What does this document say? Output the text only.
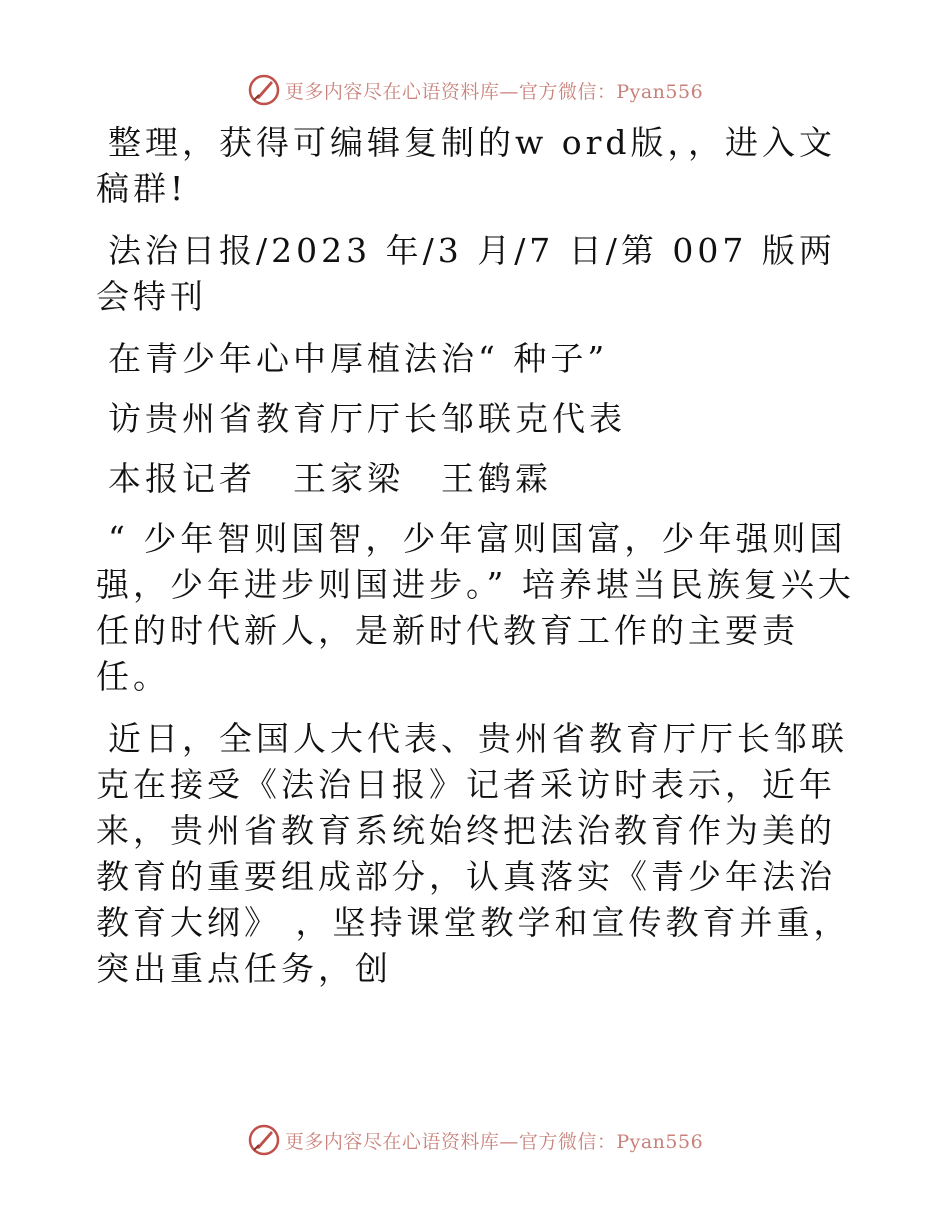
更多内容尽在心语资料库—官方微信：Pyan556

整理，获得可编辑复制的w ord版，，进入文稿群!

法治日报/2023 年/3 月/7 日/第 007 版两会特刊

在青少年心中厚植法治“ 种子”

访贵州省教育厅厅长邹联克代表

本报记者　王家梁　王鹤霖

“ 少年智则国智，少年富则国富，少年强则国强，少年进步则国进步。” 培养堪当民族复兴大任的时代新人，是新时代教育工作的主要责任。

近日，全国人大代表、贵州省教育厅厅长邹联克在接受《法治日报》记者采访时表示，近年来，贵州省教育系统始终把法治教育作为美的教育的重要组成部分，认真落实《青少年法治教育大纲》 ，坚持课堂教学和宣传教育并重，突出重点任务，创

更多内容尽在心语资料库—官方微信：Pyan556
